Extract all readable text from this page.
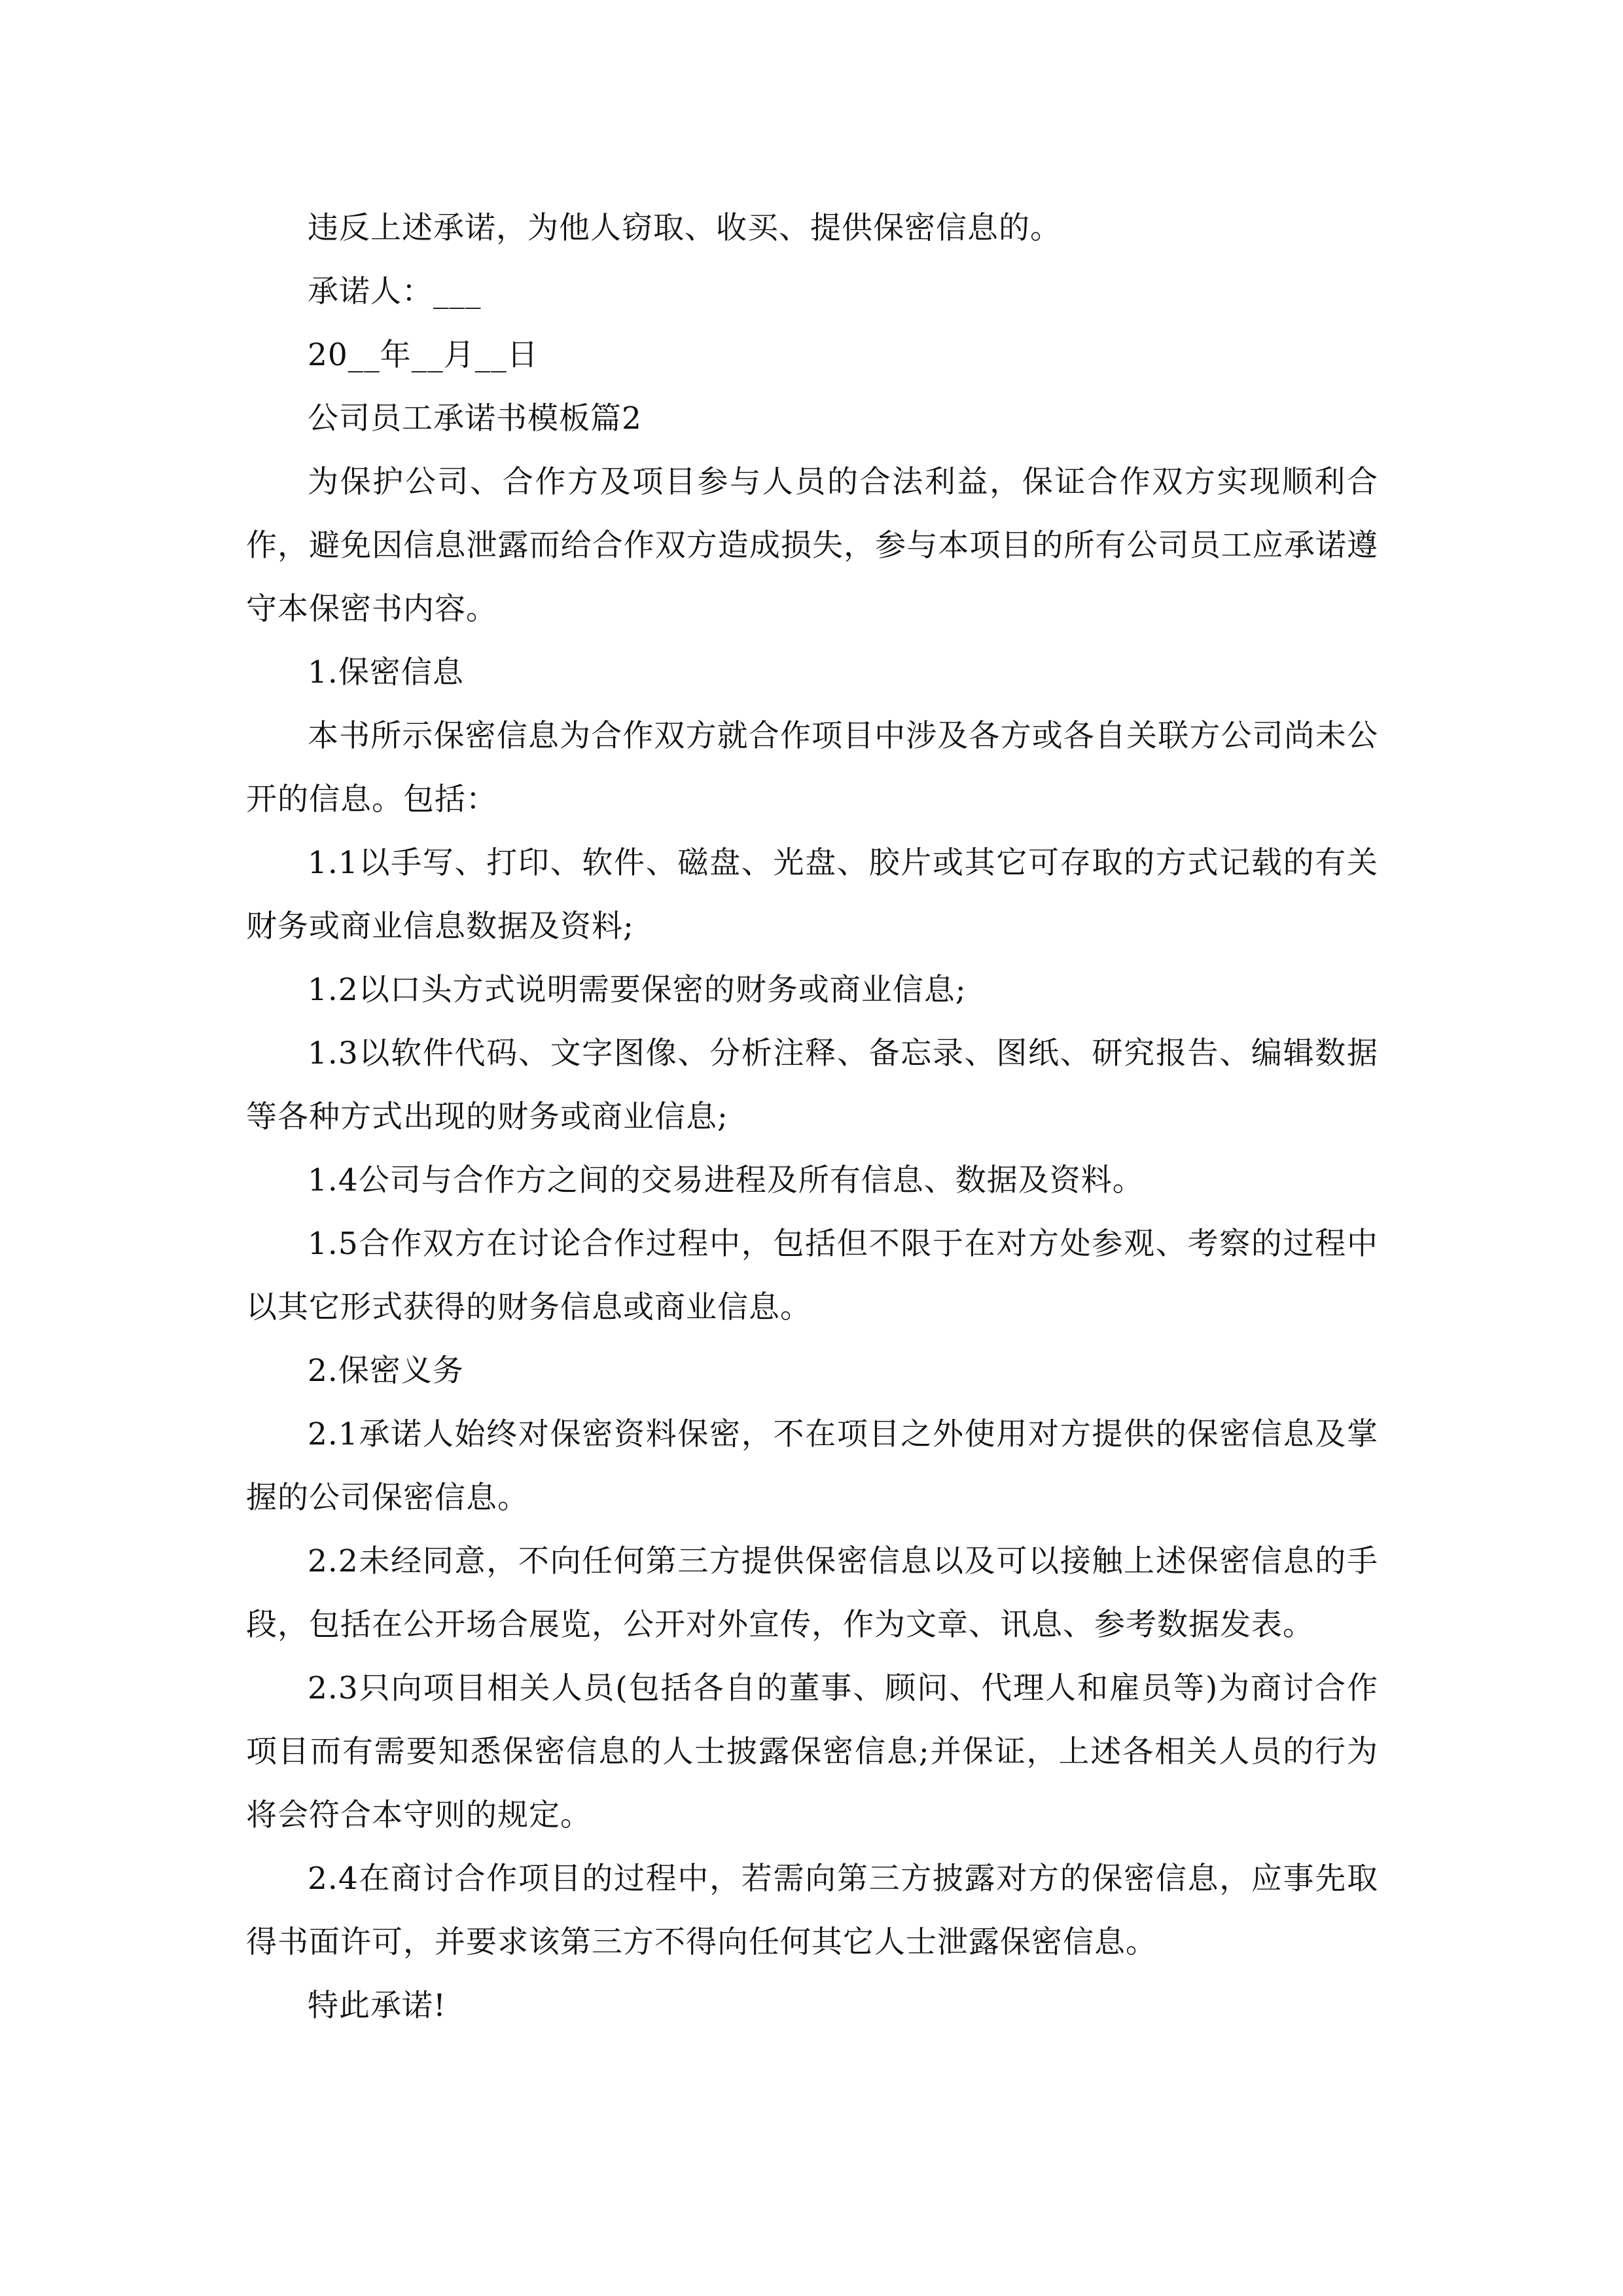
违反上述承诺，为他人窃取、收买、提供保密信息的。

承诺人：___

20__年__月__日

公司员工承诺书模板篇2

为保护公司、合作方及项目参与人员的合法利益，保证合作双方实现顺利合作，避免因信息泄露而给合作双方造成损失，参与本项目的所有公司员工应承诺遵守本保密书内容。

1.保密信息

本书所示保密信息为合作双方就合作项目中涉及各方或各自关联方公司尚未公开的信息。包括：

1.1以手写、打印、软件、磁盘、光盘、胶片或其它可存取的方式记载的有关财务或商业信息数据及资料;

1.2以口头方式说明需要保密的财务或商业信息;

1.3以软件代码、文字图像、分析注释、备忘录、图纸、研究报告、编辑数据等各种方式出现的财务或商业信息;

1.4公司与合作方之间的交易进程及所有信息、数据及资料。

1.5合作双方在讨论合作过程中，包括但不限于在对方处参观、考察的过程中以其它形式获得的财务信息或商业信息。

2.保密义务

2.1承诺人始终对保密资料保密，不在项目之外使用对方提供的保密信息及掌握的公司保密信息。

2.2未经同意，不向任何第三方提供保密信息以及可以接触上述保密信息的手段，包括在公开场合展览，公开对外宣传，作为文章、讯息、参考数据发表。

2.3只向项目相关人员(包括各自的董事、顾问、代理人和雇员等)为商讨合作项目而有需要知悉保密信息的人士披露保密信息;并保证，上述各相关人员的行为将会符合本守则的规定。

2.4在商讨合作项目的过程中，若需向第三方披露对方的保密信息，应事先取得书面许可，并要求该第三方不得向任何其它人士泄露保密信息。

特此承诺!
